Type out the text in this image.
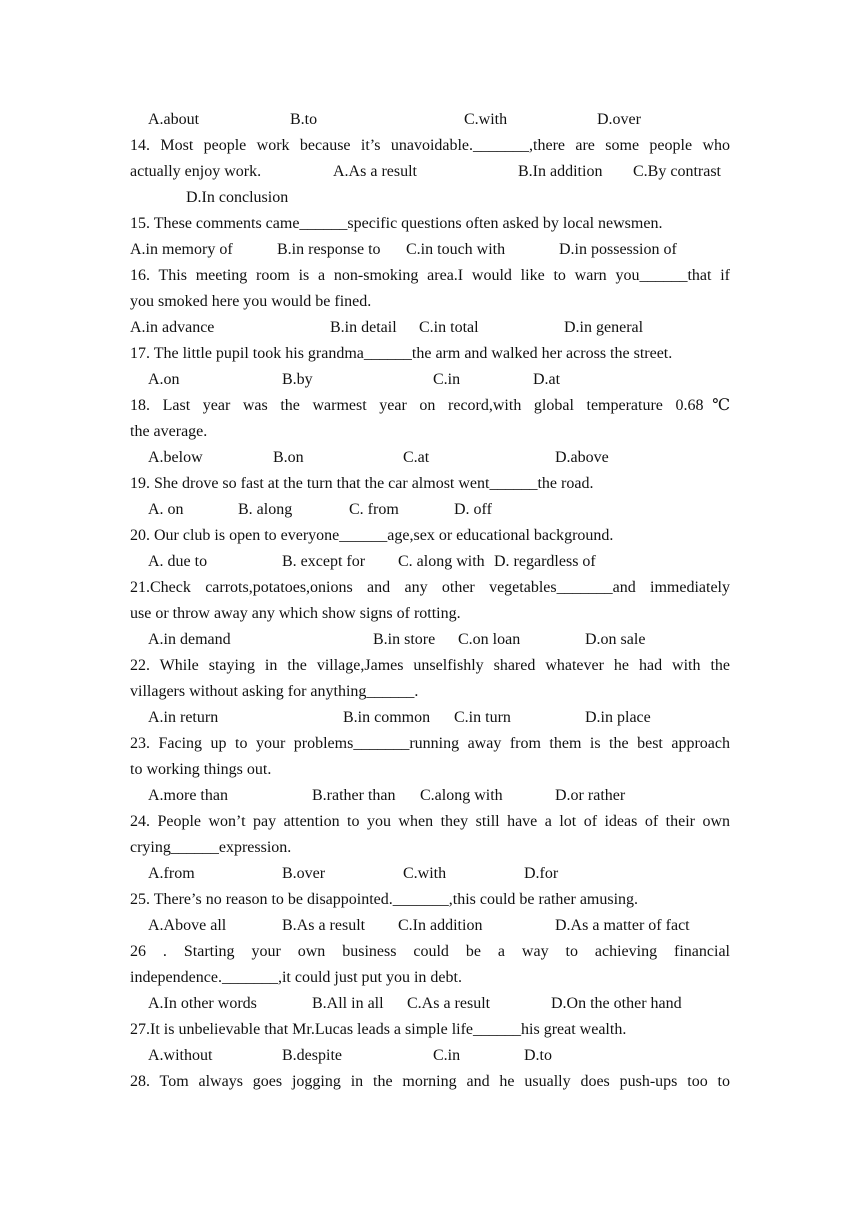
A.about	B.to	C.with	D.over
14. Most people work because it’s unavoidable._______,there are some people who
actually enjoy work.	A.As a result	B.In addition C.By contrast
D.In conclusion
15. These comments came______specific questions often asked by local newsmen.
A.in memory of	B.in response to C.in touch with	D.in possession of
16. This meeting room is a non-smoking area.I would like to warn you______that if
you smoked here you would be fined.
A.in advance	B.in detail C.in total	D.in general
17. The little pupil took his grandma______the arm and walked her across the street.
A.on	B.by	C.in	D.at
18. Last year was the warmest year on record,with global temperature 0.68℃
the average.
A.below	B.on	C.at	D.above
19. She drove so fast at the turn that the car almost went______the road.
A. on	B. along	C. from	D. off
20. Our club is open to everyone______age,sex or educational background.
A. due to	B. except for C. along with D. regardless of
21.Check carrots,potatoes,onions and any other vegetables_______and immediately
use or throw away any which show signs of rotting.
A.in demand	B.in store C.on loan	D.on sale
22. While staying in the village,James unselfishly shared whatever he had with the
villagers without asking for anything______.
A.in return	B.in common C.in turn	D.in place
23. Facing up to your problems_______running away from them is the best approach
to working things out.
A.more than	B.rather than C.along with	D.or rather
24. People won’t pay attention to you when they still have a lot of ideas of their own
crying______expression.
A.from	B.over	C.with	D.for
25. There’s no reason to be disappointed._______,this could be rather amusing.
A.Above all	B.As a result C.In addition	D.As a matter of fact
26 . Starting your own business could be a way to achieving financial
independence._______,it could just put you in debt.
A.In other words	B.All in all C.As a result	D.On the other hand
27.It is unbelievable that Mr.Lucas leads a simple life______his great wealth.
A.without	B.despite	C.in	D.to
28. Tom always goes jogging in the morning and he usually does push-ups too to
